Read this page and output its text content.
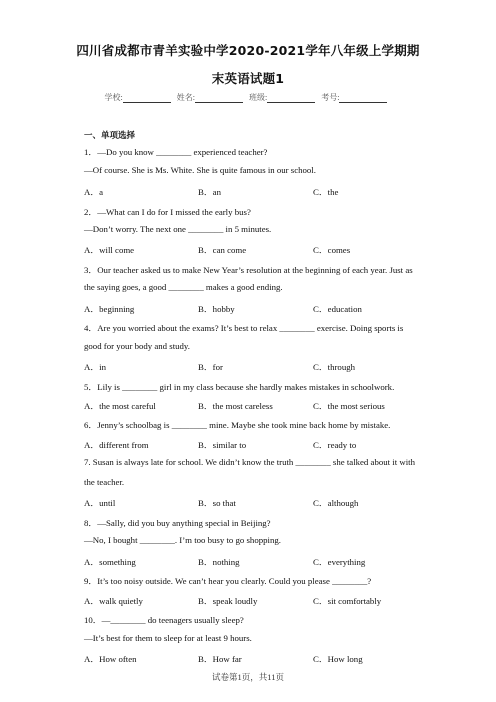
四川省成都市青羊实验中学2020-2021学年八年级上学期期
末英语试题1
学校:	姓名:	班级:	考号:
一、单项选择
1．—Do you know ________ experienced teacher?
—Of course. She is Ms. White. She is quite famous in our school.
A．a	B．an	C．the
2．—What can I do for I missed the early bus?
—Don’t worry. The next one ________ in 5 minutes.
A．will come	B．can come	C．comes
3．Our teacher asked us to make New Year’s resolution at the beginning of each year. Just as
the saying goes, a good ________ makes a good ending.
A．beginning	B．hobby	C．education
4．Are you worried about the exams? It’s best to relax ________ exercise. Doing sports is
good for your body and study.
A．in	B．for	C．through
5．Lily is ________ girl in my class because she hardly makes mistakes in schoolwork.
A．the most careful	B．the most careless	C．the most serious
6．Jenny’s schoolbag is ________ mine. Maybe she took mine back home by mistake.
A．different from	B．similar to	C．ready to
7. Susan is always late for school. We didn’t know the truth ________ she talked about it with
the teacher.
A．until	B．so that	C．although
8．—Sally, did you buy anything special in Beijing?
—No, I bought ________. I’m too busy to go shopping.
A．something	B．nothing	C．everything
9．It’s too noisy outside. We can’t hear you clearly. Could you please ________?
A．walk quietly	B．speak loudly	C．sit comfortably
10．—________ do teenagers usually sleep?
—It’s best for them to sleep for at least 9 hours.
A．How often	B．How far	C．How long
试卷第1页，共11页
